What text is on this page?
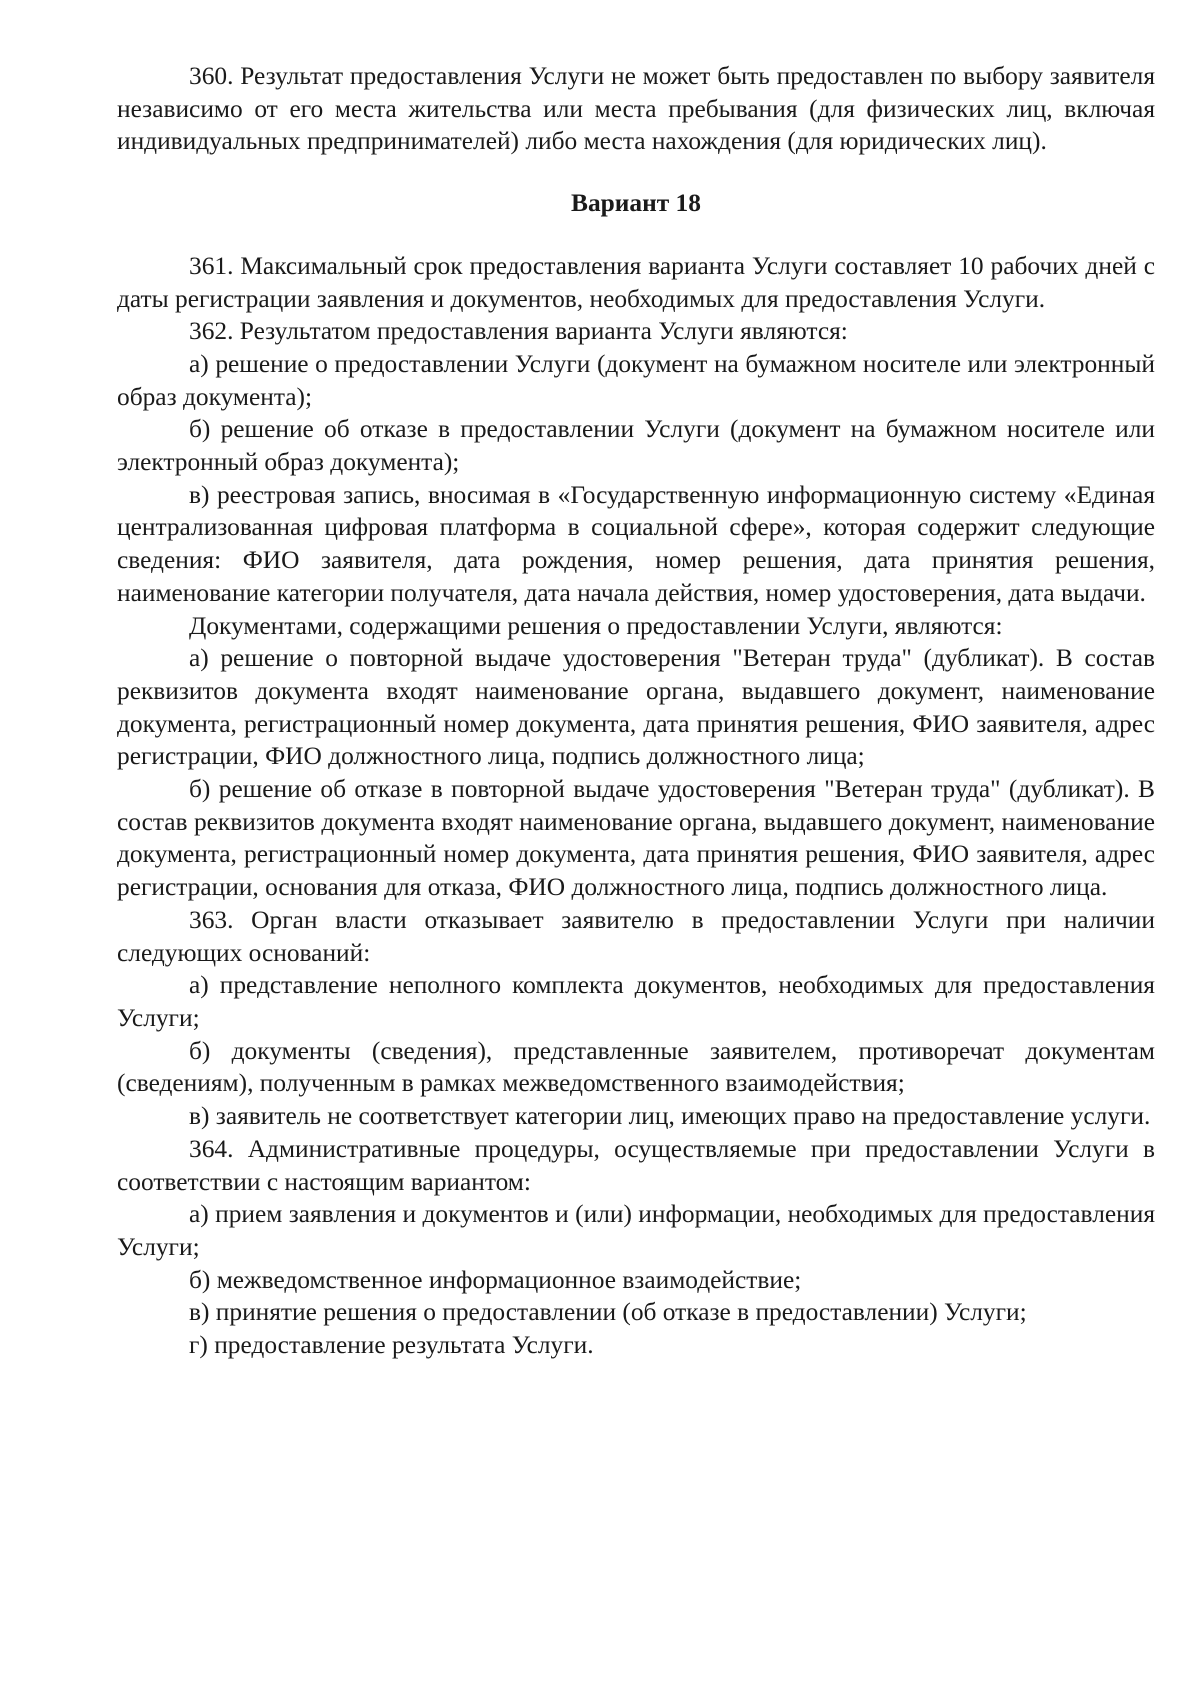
360. Результат предоставления Услуги не может быть предоставлен по выбору заявителя независимо от его места жительства или места пребывания (для физических лиц, включая индивидуальных предпринимателей) либо места нахождения (для юридических лиц).

Вариант 18

361. Максимальный срок предоставления варианта Услуги составляет 10 рабочих дней с даты регистрации заявления и документов, необходимых для предоставления Услуги.

362. Результатом предоставления варианта Услуги являются:

а) решение о предоставлении Услуги (документ на бумажном носителе или электронный образ документа);

б) решение об отказе в предоставлении Услуги (документ на бумажном носителе или электронный образ документа);

в) реестровая запись, вносимая в «Государственную информационную систему «Единая централизованная цифровая платформа в социальной сфере», которая содержит следующие сведения: ФИО заявителя, дата рождения, номер решения, дата принятия решения, наименование категории получателя, дата начала действия, номер удостоверения, дата выдачи.

Документами, содержащими решения о предоставлении Услуги, являются:

а) решение о повторной выдаче удостоверения "Ветеран труда" (дубликат). В состав реквизитов документа входят наименование органа, выдавшего документ, наименование документа, регистрационный номер документа, дата принятия решения, ФИО заявителя, адрес регистрации, ФИО должностного лица, подпись должностного лица;

б) решение об отказе в повторной выдаче удостоверения "Ветеран труда" (дубликат). В состав реквизитов документа входят наименование органа, выдавшего документ, наименование документа, регистрационный номер документа, дата принятия решения, ФИО заявителя, адрес регистрации, основания для отказа, ФИО должностного лица, подпись должностного лица.

363. Орган власти отказывает заявителю в предоставлении Услуги при наличии следующих оснований:

а) представление неполного комплекта документов, необходимых для предоставления Услуги;

б) документы (сведения), представленные заявителем, противоречат документам (сведениям), полученным в рамках межведомственного взаимодействия;

в) заявитель не соответствует категории лиц, имеющих право на предоставление услуги.

364. Административные процедуры, осуществляемые при предоставлении Услуги в соответствии с настоящим вариантом:

а) прием заявления и документов и (или) информации, необходимых для предоставления Услуги;

б) межведомственное информационное взаимодействие;

в) принятие решения о предоставлении (об отказе в предоставлении) Услуги;

г) предоставление результата Услуги.
